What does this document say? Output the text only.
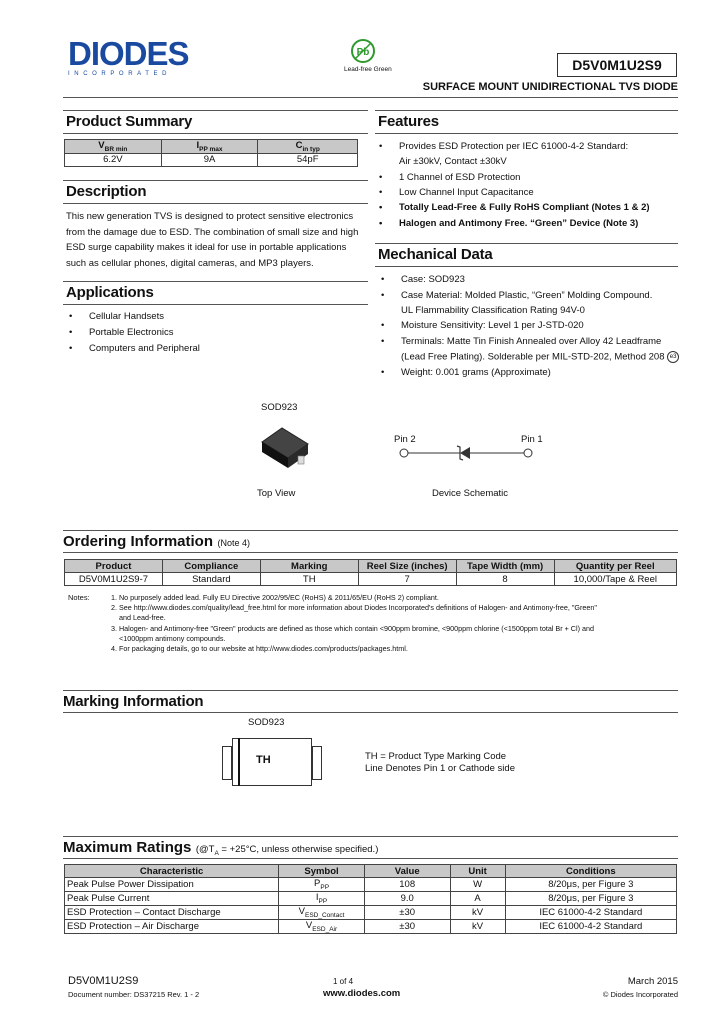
DIODES
INCORPORATED
Pb
Lead-free Green	D5V0M1U2S9
SURFACE MOUNT UNIDIRECTIONAL TVS DIODE
Product Summary
$V_{BR min}$	$I_{PP max}$	$C_{in typ}$
6.2V	9A	54pF
Description
This new generation TVS is designed to protect sensitive electronics
from the damage due to ESD. The combination of small size and high
ESD surge capability makes it ideal for use in portable applications
such as cellular phones, digital cameras, and MP3 players.
Applications
• Cellular Handsets
• Portable Electronics
• Computers and Peripheral
Features
• Provides ESD Protection per IEC 61000-4-2 Standard:
Air ±30kV, Contact ±30kV
• 1 Channel of ESD Protection
• Low Channel Input Capacitance
• Totally Lead-Free & Fully RoHS Compliant (Notes 1 & 2)
• Halogen and Antimony Free. “Green” Device (Note 3)
Mechanical Data
• Case: SOD923
• Case Material: Molded Plastic, “Green” Molding Compound.
UL Flammability Classification Rating 94V-0
• Moisture Sensitivity: Level 1 per J-STD-020
• Terminals: Matte Tin Finish Annealed over Alloy 42 Leadframe
(Lead Free Plating). Solderable per MIL-STD-202, Method 208 e3
• Weight: 0.001 grams (Approximate)
SOD923
Top View
Pin 2	Pin 1
Device Schematic
Ordering Information (Note 4)
Product	Compliance	Marking	Reel Size (inches)	Tape Width (mm)	Quantity per Reel
D5V0M1U2S9-7	Standard	TH	7	8	10,000/Tape & Reel
Notes:	1. No purposely added lead. Fully EU Directive 2002/95/EC (RoHS) & 2011/65/EU (RoHS 2) compliant.
2. See http://www.diodes.com/quality/lead_free.html for more information about Diodes Incorporated's definitions of Halogen- and Antimony-free, "Green"
and Lead-free.
3. Halogen- and Antimony-free "Green" products are defined as those which contain <900ppm bromine, <900ppm chlorine (<1500ppm total Br + Cl) and
<1000ppm antimony compounds.
4. For packaging details, go to our website at http://www.diodes.com/products/packages.html.
Marking Information
SOD923
TH	TH = Product Type Marking Code
Line Denotes Pin 1 or Cathode side
Maximum Ratings ($@T_A = +25^\circ C$, unless otherwise specified.)
Characteristic	Symbol	Value	Unit	Conditions
Peak Pulse Power Dissipation	$P_{PP}$	108	W	8/20μs, per Figure 3
Peak Pulse Current	$I_{PP}$	9.0	A	8/20μs, per Figure 3
ESD Protection – Contact Discharge	$V_{ESD\_Contact}$	±30	kV	IEC 61000-4-2 Standard
ESD Protection – Air Discharge	$V_{ESD\_Air}$	±30	kV	IEC 61000-4-2 Standard
D5V0M1U2S9
Document number: DS37215 Rev. 1 - 2
1 of 4
www.diodes.com
March 2015
© Diodes Incorporated
